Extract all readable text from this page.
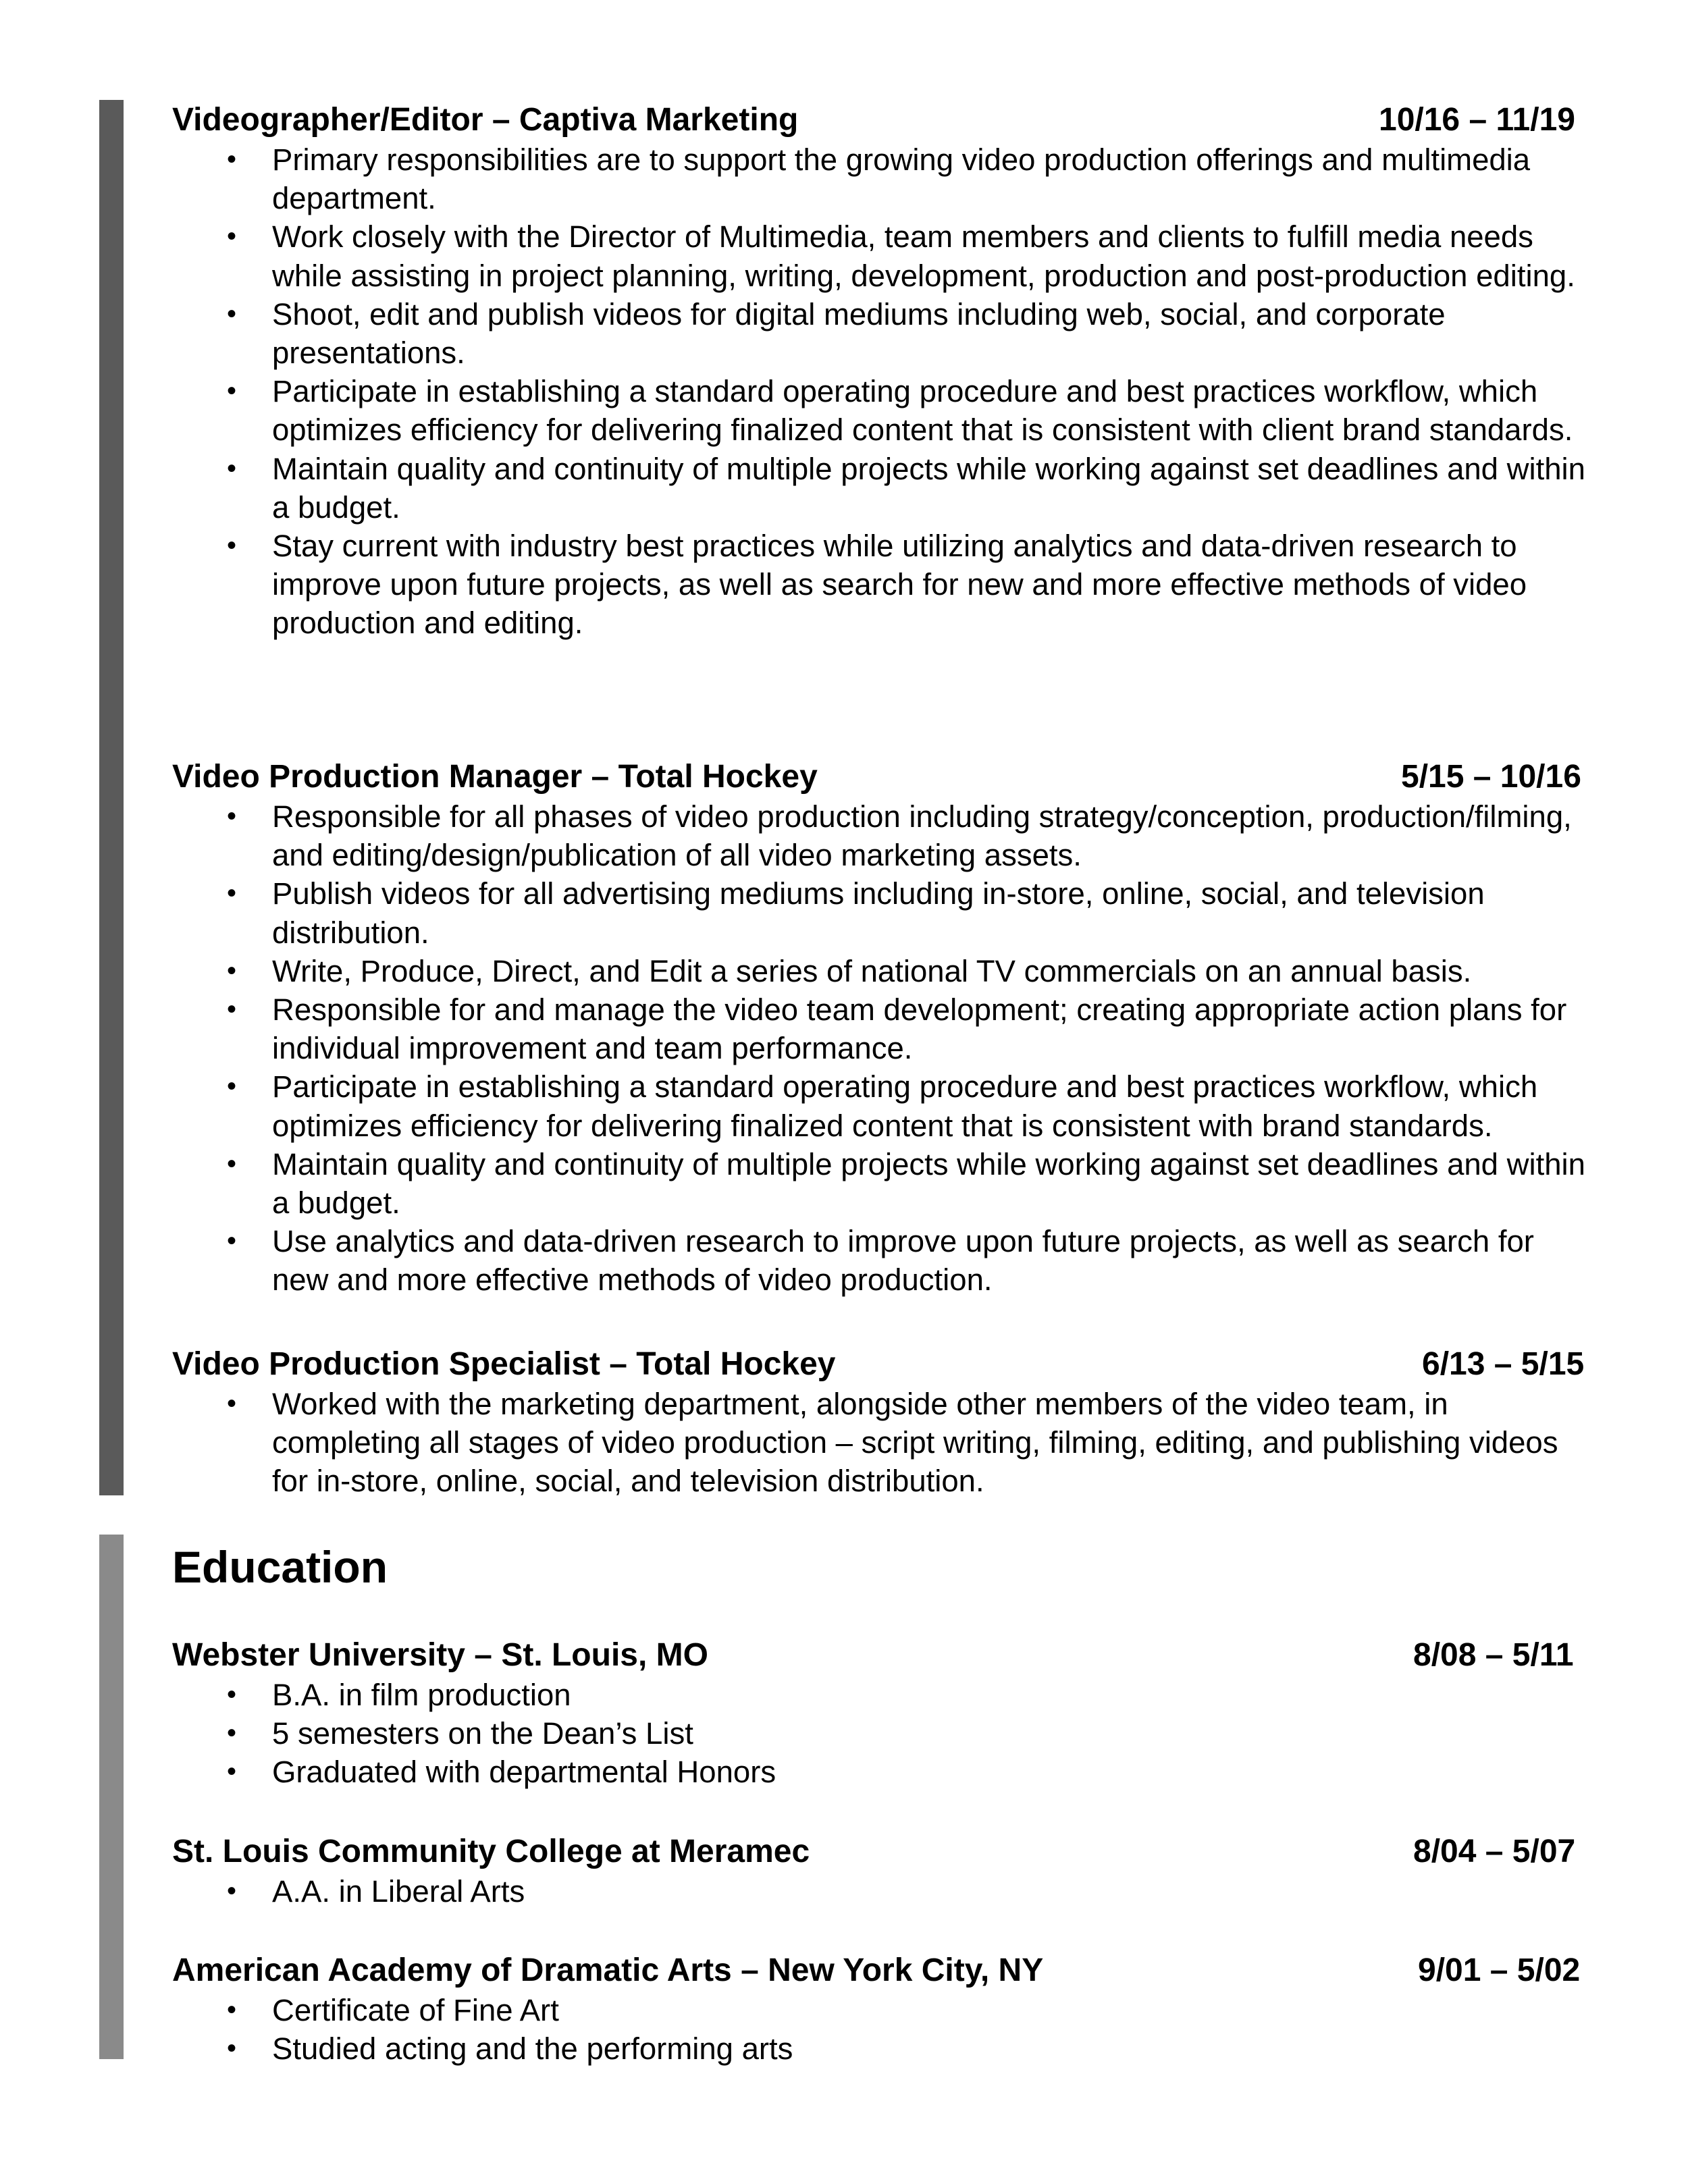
Videographer/Editor – Captiva Marketing	10/16 – 11/19
• Primary responsibilities are to support the growing video production offerings and multimedia department.
• Work closely with the Director of Multimedia, team members and clients to fulfill media needs while assisting in project planning, writing, development, production and post-production editing.
• Shoot, edit and publish videos for digital mediums including web, social, and corporate presentations.
• Participate in establishing a standard operating procedure and best practices workflow, which optimizes efficiency for delivering finalized content that is consistent with client brand standards.
• Maintain quality and continuity of multiple projects while working against set deadlines and within a budget.
• Stay current with industry best practices while utilizing analytics and data-driven research to improve upon future projects, as well as search for new and more effective methods of video production and editing.
Video Production Manager – Total Hockey	5/15 – 10/16
• Responsible for all phases of video production including strategy/conception, production/filming, and editing/design/publication of all video marketing assets.
• Publish videos for all advertising mediums including in-store, online, social, and television distribution.
• Write, Produce, Direct, and Edit a series of national TV commercials on an annual basis.
• Responsible for and manage the video team development; creating appropriate action plans for individual improvement and team performance.
• Participate in establishing a standard operating procedure and best practices workflow, which optimizes efficiency for delivering finalized content that is consistent with brand standards.
• Maintain quality and continuity of multiple projects while working against set deadlines and within a budget.
• Use analytics and data-driven research to improve upon future projects, as well as search for new and more effective methods of video production.
Video Production Specialist – Total Hockey	6/13 – 5/15
• Worked with the marketing department, alongside other members of the video team, in completing all stages of video production – script writing, filming, editing, and publishing videos for in-store, online, social, and television distribution.
Education
Webster University – St. Louis, MO	8/08 – 5/11
• B.A. in film production
• 5 semesters on the Dean’s List
• Graduated with departmental Honors
St. Louis Community College at Meramec	8/04 – 5/07
• A.A. in Liberal Arts
American Academy of Dramatic Arts – New York City, NY	9/01 – 5/02
• Certificate of Fine Art
• Studied acting and the performing arts
